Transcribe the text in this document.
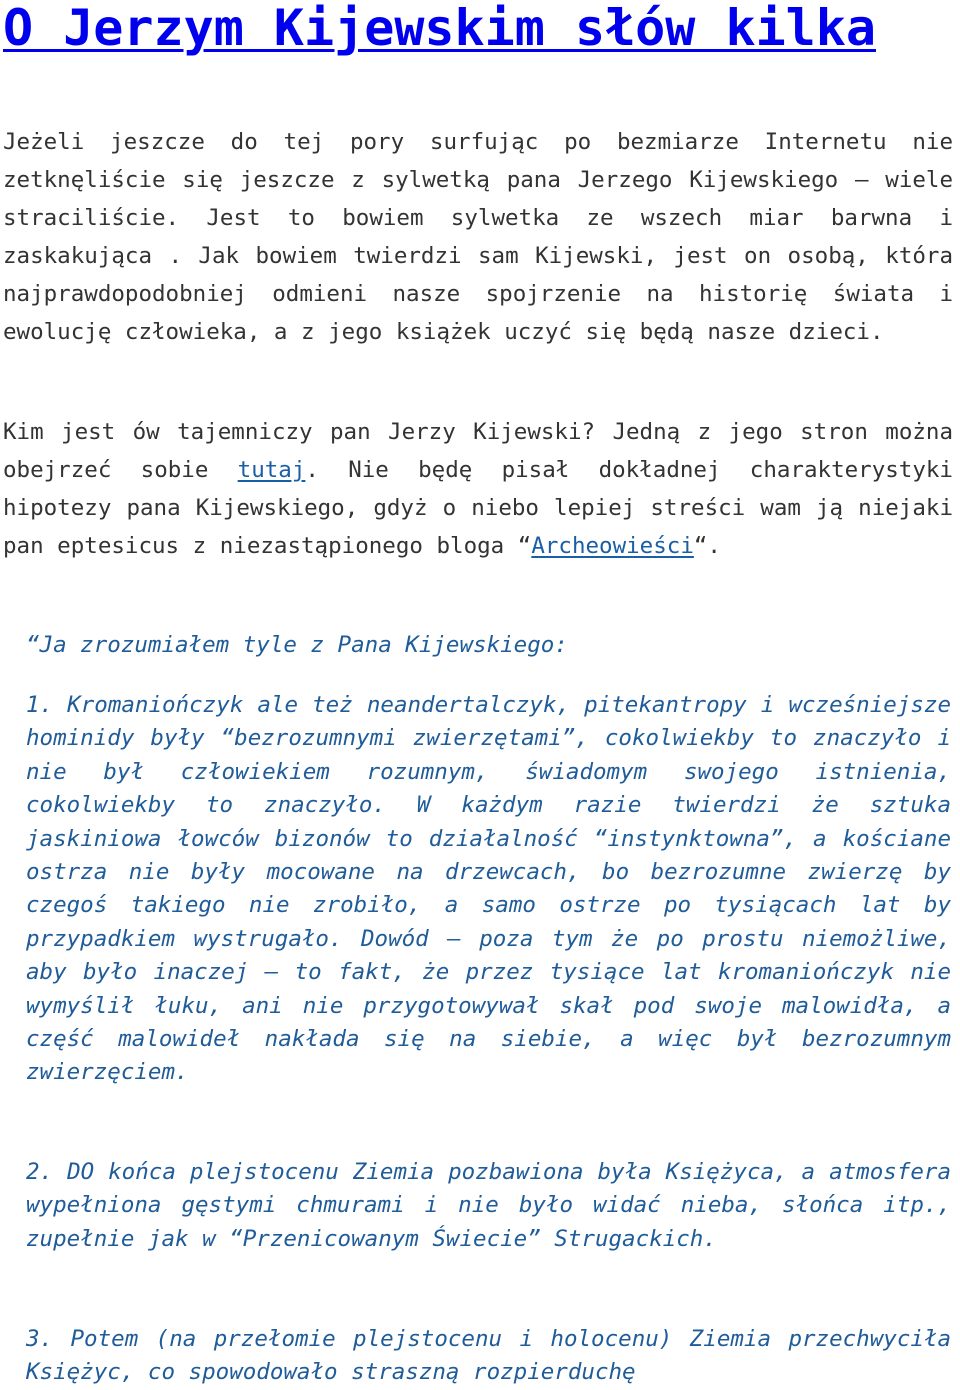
O Jerzym Kijewskim słów kilka

Jeżeli jeszcze do tej pory surfując po bezmiarze Internetu nie zetknęliście się jeszcze z sylwetką pana Jerzego Kijewskiego – wiele straciliście. Jest to bowiem sylwetka ze wszech miar barwna i zaskakująca . Jak bowiem twierdzi sam Kijewski, jest on osobą, która najprawdopodobniej odmieni nasze spojrzenie na historię świata i ewolucję człowieka, a z jego książek uczyć się będą nasze dzieci.

Kim jest ów tajemniczy pan Jerzy Kijewski? Jedną z jego stron można obejrzeć sobie tutaj. Nie będę pisał dokładnej charakterystyki hipotezy pana Kijewskiego, gdyż o niebo lepiej streści wam ją niejaki pan eptesicus z niezastąpionego bloga “Archeowieści“.

“Ja zrozumiałem tyle z Pana Kijewskiego:

1. Kromaniończyk ale też neandertalczyk, pitekantropy i wcześniejsze hominidy były “bezrozumnymi zwierzętami”, cokolwiekby to znaczyło i nie był człowiekiem rozumnym, świadomym swojego istnienia, cokolwiekby to znaczyło. W każdym razie twierdzi że sztuka jaskiniowa łowców bizonów to działalność “instynktowna”, a kościane ostrza nie były mocowane na drzewcach, bo bezrozumne zwierzę by czegoś takiego nie zrobiło, a samo ostrze po tysiącach lat by przypadkiem wystrugało. Dowód – poza tym że po prostu niemożliwe, aby było inaczej – to fakt, że przez tysiące lat kromaniończyk nie wymyślił łuku, ani nie przygotowywał skał pod swoje malowidła, a część malowideł nakłada się na siebie, a więc był bezrozumnym zwierzęciem.

2. DO końca plejstocenu Ziemia pozbawiona była Księżyca, a atmosfera wypełniona gęstymi chmurami i nie było widać nieba, słońca itp., zupełnie jak w “Przenicowanym Świecie” Strugackich.

3. Potem (na przełomie plejstocenu i holocenu) Ziemia przechwyciła Księżyc, co spowodowało straszną rozpierduchę
